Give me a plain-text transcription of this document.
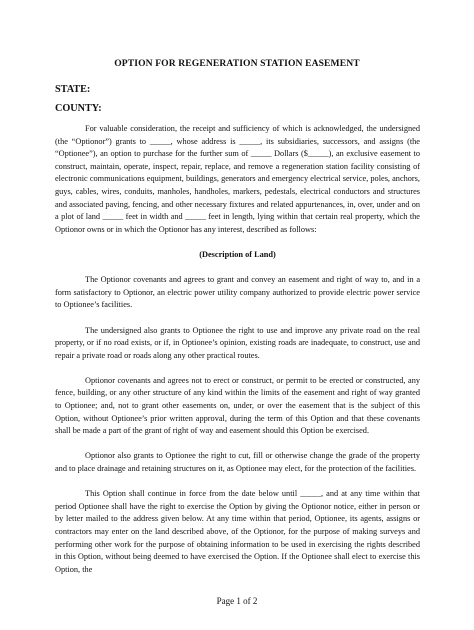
OPTION FOR REGENERATION STATION EASEMENT
STATE:
COUNTY:

For valuable consideration, the receipt and sufficiency of which is acknowledged, the undersigned (the “Optionor”) grants to _____, whose address is _____, its subsidiaries, successors, and assigns (the “Optionee”), an option to purchase for the further sum of _____ Dollars ($_____), an exclusive easement to construct, maintain, operate, inspect, repair, replace, and remove a regeneration station facility consisting of electronic communications equipment, buildings, generators and emergency electrical service, poles, anchors, guys, cables, wires, conduits, manholes, handholes, markers, pedestals, electrical conductors and structures and associated paving, fencing, and other necessary fixtures and related appurtenances, in, over, under and on a plot of land _____ feet in width and _____ feet in length, lying within that certain real property, which the Optionor owns or in which the Optionor has any interest, described as follows:

(Description of Land)

The Optionor covenants and agrees to grant and convey an easement and right of way to, and in a form satisfactory to Optionor, an electric power utility company authorized to provide electric power service to Optionee’s facilities.

The undersigned also grants to Optionee the right to use and improve any private road on the real property, or if no road exists, or if, in Optionee’s opinion, existing roads are inadequate, to construct, use and repair a private road or roads along any other practical routes.

Optionor covenants and agrees not to erect or construct, or permit to be erected or constructed, any fence, building, or any other structure of any kind within the limits of the easement and right of way granted to Optionee; and, not to grant other easements on, under, or over the easement that is the subject of this Option, without Optionee’s prior written approval, during the term of this Option and that these covenants shall be made a part of the grant of right of way and easement should this Option be exercised.

Optionor also grants to Optionee the right to cut, fill or otherwise change the grade of the property and to place drainage and retaining structures on it, as Optionee may elect, for the protection of the facilities.

This Option shall continue in force from the date below until _____, and at any time within that period Optionee shall have the right to exercise the Option by giving the Optionor notice, either in person or by letter mailed to the address given below. At any time within that period, Optionee, its agents, assigns or contractors may enter on the land described above, of the Optionor, for the purpose of making surveys and performing other work for the purpose of obtaining information to be used in exercising the rights described in this Option, without being deemed to have exercised the Option. If the Optionee shall elect to exercise this Option, the

Page 1 of 2
